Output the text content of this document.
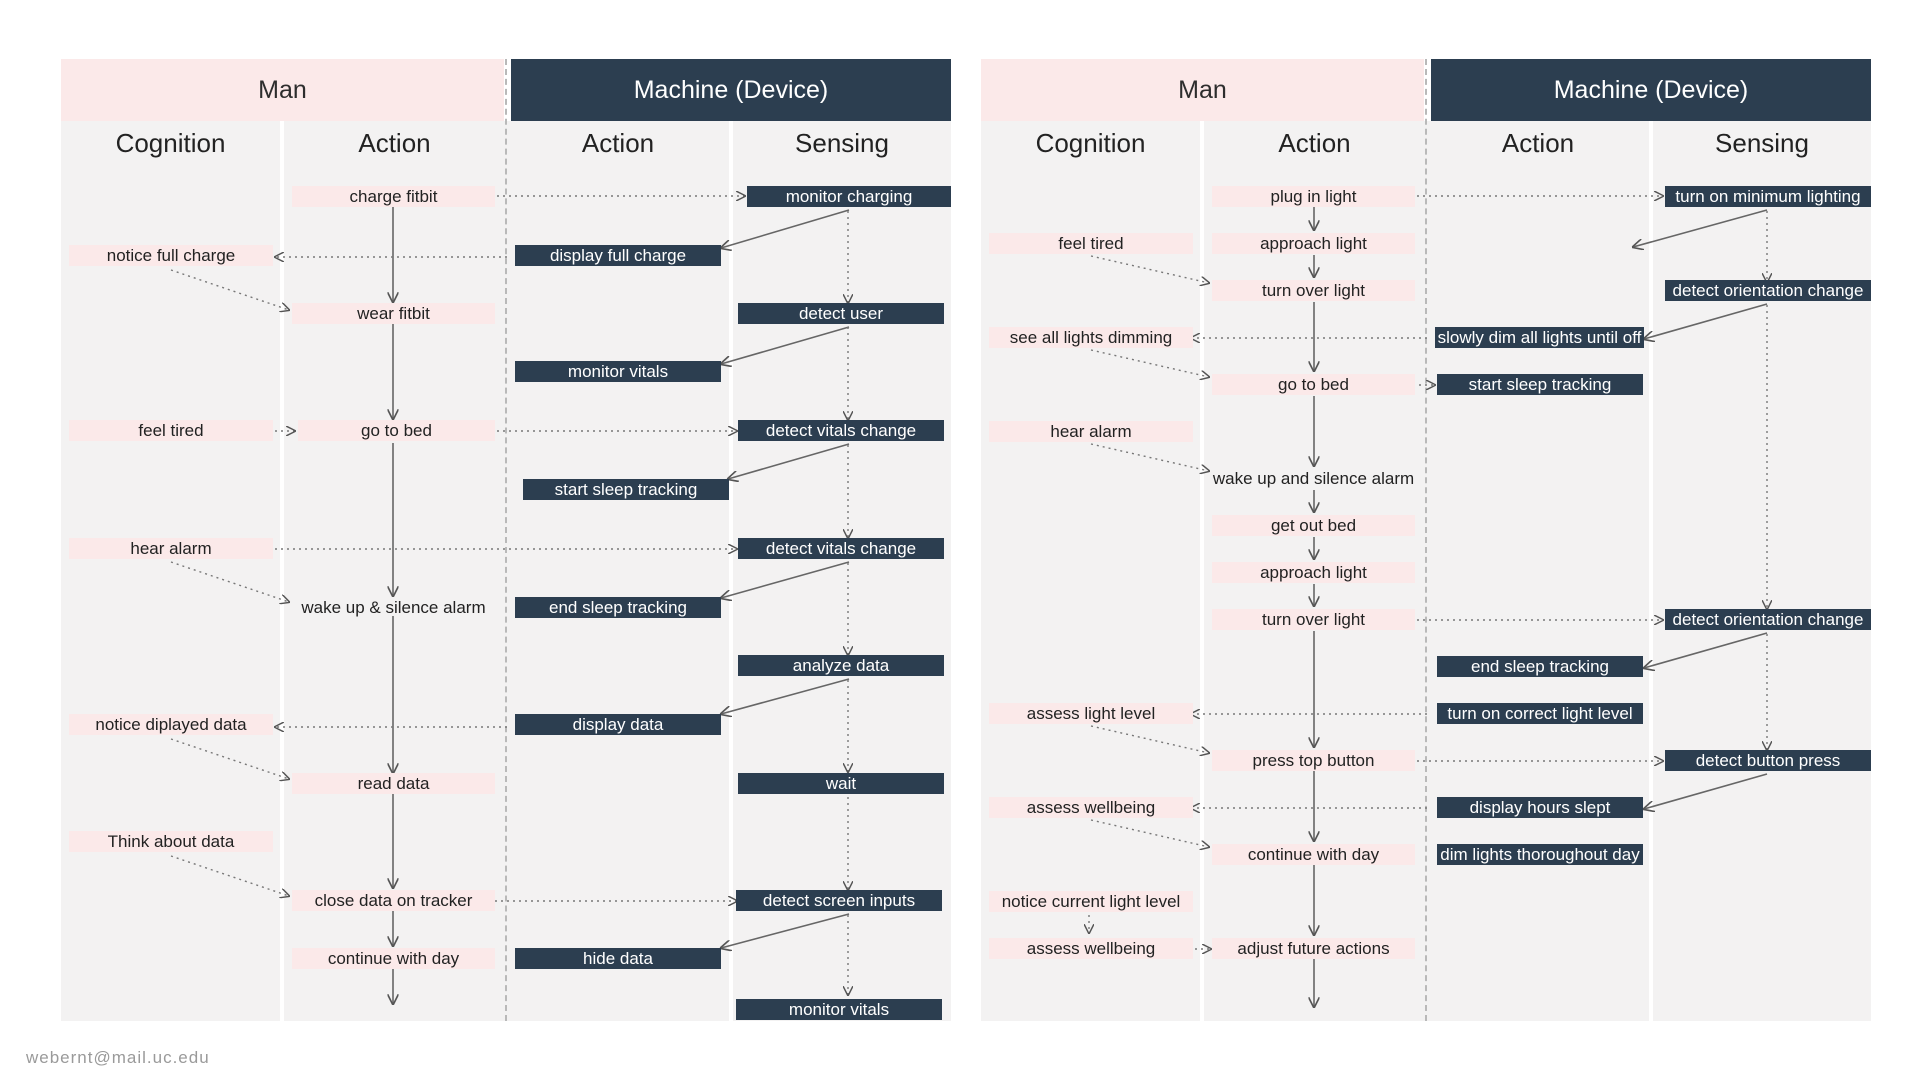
Man	Machine (Device)
Cognition	Action	Action	Sensing
charge fitbit	monitor charging
notice full charge	display full charge
wear fitbit	detect user
monitor vitals
feel tired	go to bed	detect vitals change
start sleep tracking
hear alarm	detect vitals change
wake up & silence alarm	end sleep tracking
analyze data
notice diplayed data	display data
read data	wait
Think about data
close data on tracker	detect screen inputs
continue with day	hide data
monitor vitals
Man	Machine (Device)
Cognition	Action	Action	Sensing
plug in light	turn on minimum lighting
feel tired	approach light
turn over light	detect orientation change
see all lights dimming	slowly dim all lights until off
go to bed	start sleep tracking
hear alarm
wake up and silence alarm
get out bed
approach light
turn over light	detect orientation change
end sleep tracking
assess light level	turn on correct light level
press top button	detect button press
assess wellbeing	display hours slept
continue with day	dim lights thoroughout day
notice current light level
assess wellbeing	adjust future actions
webernt@mail.uc.edu
